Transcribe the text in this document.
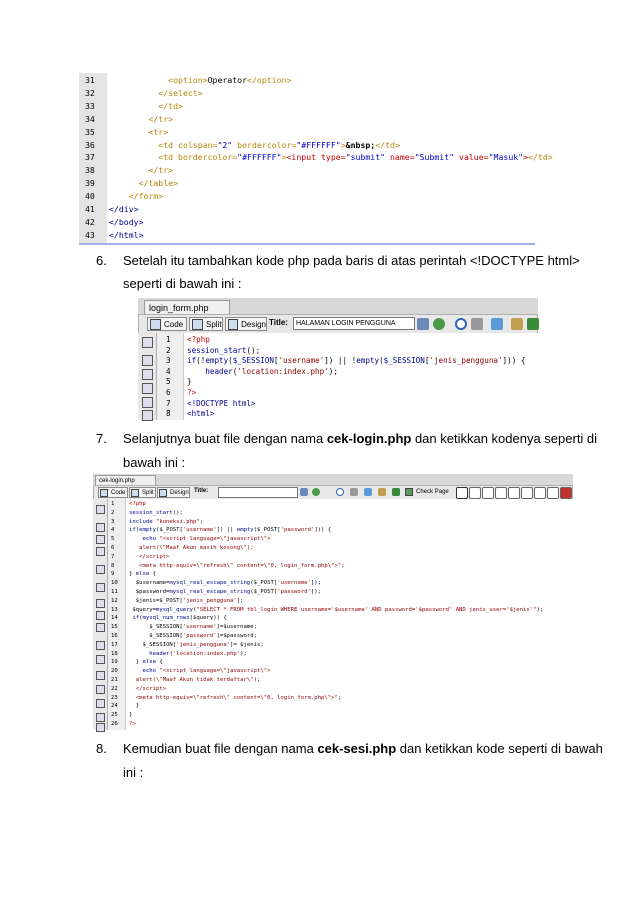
31	<option>Operator</option>
32	</select>
33	</td>
34	</tr>
35	<tr>
36	<td colspan="2" bordercolor="#FFFFFF">&nbsp;</td>
37	<td bordercolor="#FFFFFF"><input type="submit" name="Submit" value="Masuk"></td>
38	</tr>
39	</table>
40	</form>
41 </div>
42 </body>
43 </html>
6. Setelah itu tambahkan kode php pada baris di atas perintah <!DOCTYPE html>
seperti di bawah ini :
login_form.php
Code	Split Design Title:	HALAMAN LOGIN PENGGUNA
1 <?php
2 session_start();
3 if(!empty($_SESSION['username']) || !empty($_SESSION['jenis_pengguna'])) {
4	header('location:index.php');
5 }
6 ?>
7 <!DOCTYPE html>
8 <html>
7. Selanjutnya buat file dengan nama cek-login.php dan ketikkan kodenya seperti di
bawah ini :
cek-login.php
Code	Split	Design Title:	Check Page
1	<?php
2	session_start();
3	include "koneksi.php";
4	if(empty($_POST['username']) || empty($_POST['password'])) {
5	echo "<script language=\"javascript\">
6	alert(\"Maaf Akun masih kosong\");
7	</script>
8	<meta http-equiv=\"refresh\" content=\"0, login_form.php\">";
9	} else {
10 $username=mysql_real_escape_string($_POST['username']);
11 $password=mysql_real_escape_string($_POST['password']);
12 $jenis=$_POST['jenis_pengguna'];
13 $query=mysql_query("SELECT * FROM tbl_login WHERE username='$username' AND password='$password' AND jenis_user='$jenis'");
14	if(mysql_num_rows($query)) {
15 $_SESSION['username']=$username;
16 $_SESSION['password']=$password;
17 $_SESSION['jenis_pengguna']= $jenis;
18	header('location:index.php');
19 } else {
20	echo "<script language=\"javascript\">
21	alert(\"Maaf Akun tidak terdaftar\");
22	</script>
23	<meta http-equiv=\"refresh\" content=\"0, login_form.php\">";
24 }
25 }
26 ?>
8. Kemudian buat file dengan nama cek-sesi.php dan ketikkan kode seperti di bawah
ini :
